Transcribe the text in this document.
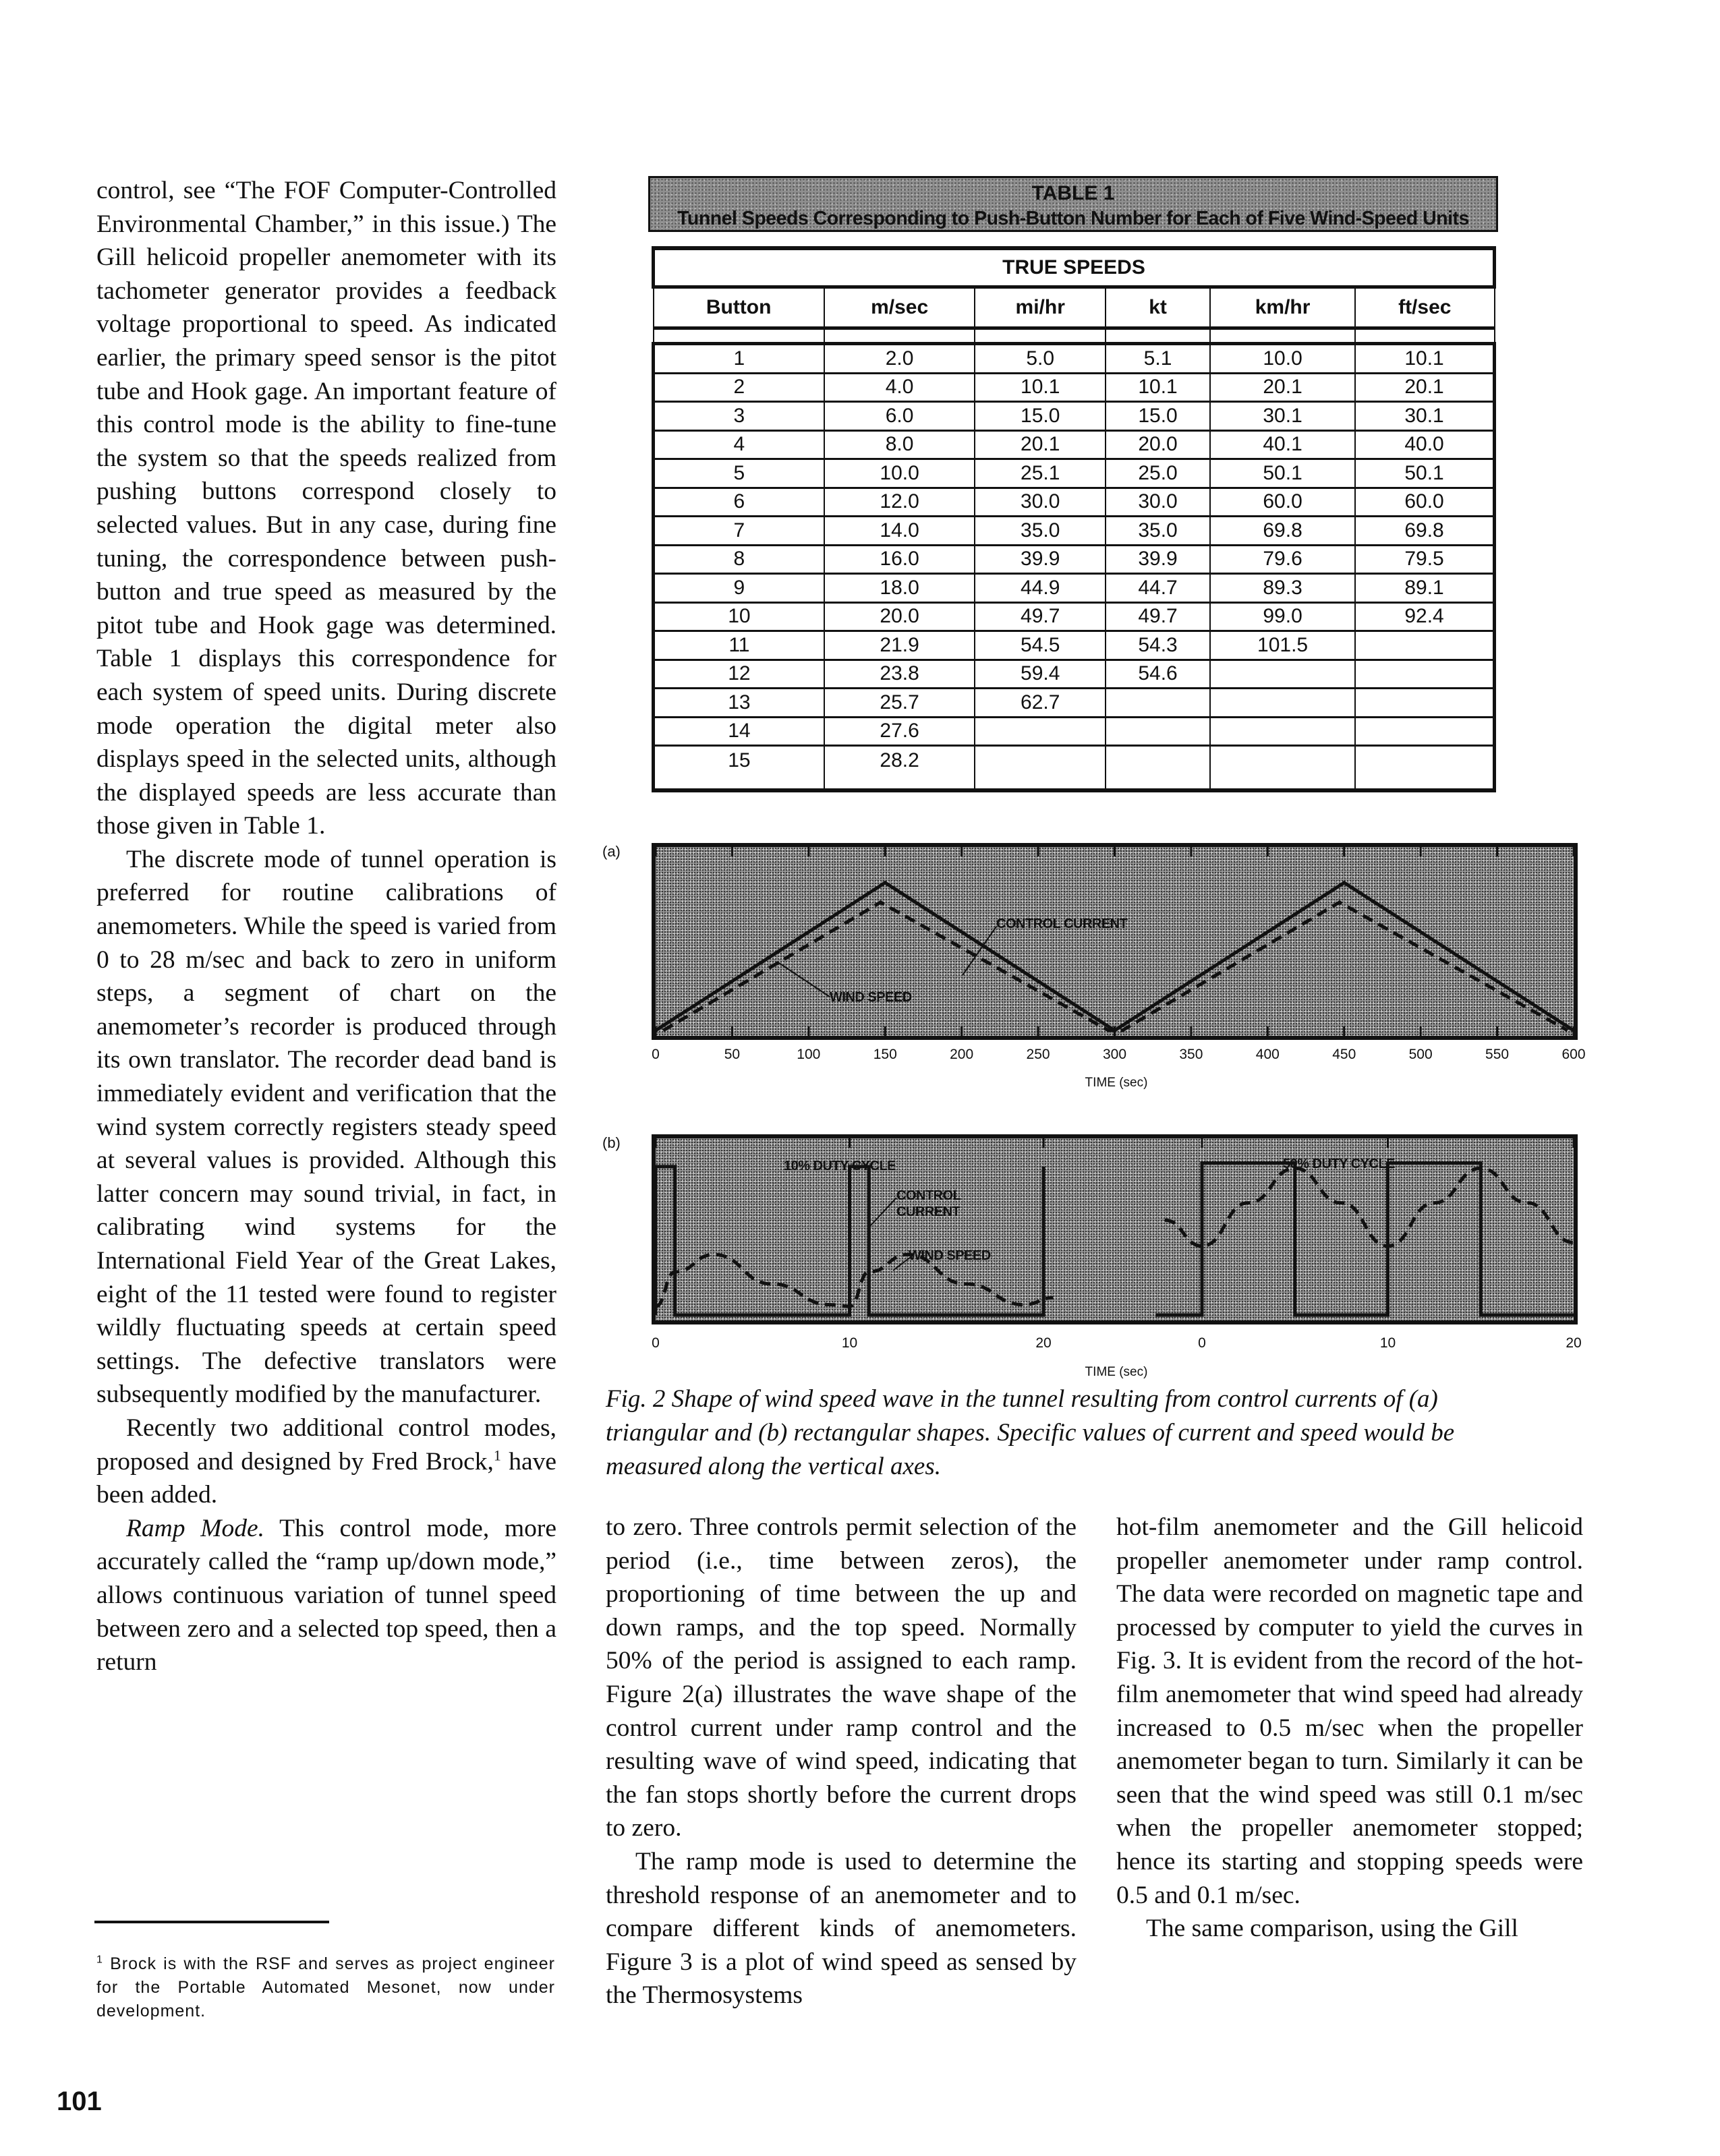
control, see “The FOF Computer-Controlled Environmental Chamber,” in this issue.) The Gill helicoid propeller anemometer with its tachometer generator provides a feedback voltage proportional to speed. As indicated earlier, the primary speed sensor is the pitot tube and Hook gage. An important feature of this control mode is the ability to fine-tune the system so that the speeds realized from pushing buttons correspond closely to selected values. But in any case, during fine tuning, the correspondence between push-button and true speed as measured by the pitot tube and Hook gage was determined. Table 1 displays this correspondence for each system of speed units. During discrete mode operation the digital meter also displays speed in the selected units, although the displayed speeds are less accurate than those given in Table 1.

The discrete mode of tunnel operation is preferred for routine calibrations of anemometers. While the speed is varied from 0 to 28 m/sec and back to zero in uniform steps, a segment of chart on the anemometer’s recorder is produced through its own translator. The recorder dead band is immediately evident and verification that the wind system correctly registers steady speed at several values is provided. Although this latter concern may sound trivial, in fact, in calibrating wind systems for the International Field Year of the Great Lakes, eight of the 11 tested were found to register wildly fluctuating speeds at certain speed settings. The defective translators were subsequently modified by the manufacturer.

Recently two additional control modes, proposed and designed by Fred Brock,$^1$ have been added.

Ramp Mode. This control mode, more accurately called the “ramp up/down mode,” allows continuous variation of tunnel speed between zero and a selected top speed, then a return

$^1$ Brock is with the RSF and serves as project engineer for the Portable Automated Mesonet, now under development.
101
TABLE 1
Tunnel Speeds Corresponding to Push-Button Number for Each of Five Wind-Speed Units
TRUE SPEEDS					
Button	m/sec	mi/hr	kt	km/hr	ft/sec

1	2.0	5.0	5.1	10.0	10.1
2	4.0	10.1	10.1	20.1	20.1
3	6.0	15.0	15.0	30.1	30.1
4	8.0	20.1	20.0	40.1	40.0
5	10.0	25.1	25.0	50.1	50.1
6	12.0	30.0	30.0	60.0	60.0
7	14.0	35.0	35.0	69.8	69.8
8	16.0	39.9	39.9	79.6	79.5
9	18.0	44.9	44.7	89.3	89.1
10	20.0	49.7	49.7	99.0	92.4
11	21.9	54.5	54.3	101.5	
12	23.8	59.4	54.6		
13	25.7	62.7			
14	27.6				
15	28.2				
(a)
CONTROL CURRENT
WIND SPEED
0	50	100	150	200	250	300	350	400	450	500	550	600
TIME (sec)
(b)
10% DUTY CYCLE
CONTROL
CURRENT
WIND SPEED
50% DUTY CYCLE
0	10	20	0	10	20
TIME (sec)
Fig. 2 Shape of wind speed wave in the tunnel resulting from control currents of (a) triangular and (b) rectangular shapes. Specific values of current and speed would be measured along the vertical axes.

to zero. Three controls permit selection of the period (i.e., time between zeros), the proportioning of time between the up and down ramps, and the top speed. Normally 50% of the period is assigned to each ramp. Figure 2(a) illustrates the wave shape of the control current under ramp control and the resulting wave of wind speed, indicating that the fan stops shortly before the current drops to zero.

The ramp mode is used to determine the threshold response of an anemometer and to compare different kinds of anemometers. Figure 3 is a plot of wind speed as sensed by the Thermosystems

hot-film anemometer and the Gill helicoid propeller anemometer under ramp control. The data were recorded on magnetic tape and processed by computer to yield the curves in Fig. 3. It is evident from the record of the hot-film anemometer that wind speed had already increased to 0.5 m/sec when the propeller anemometer began to turn. Similarly it can be seen that the wind speed was still 0.1 m/sec when the propeller anemometer stopped; hence its starting and stopping speeds were 0.5 and 0.1 m/sec.

The same comparison, using the Gill
